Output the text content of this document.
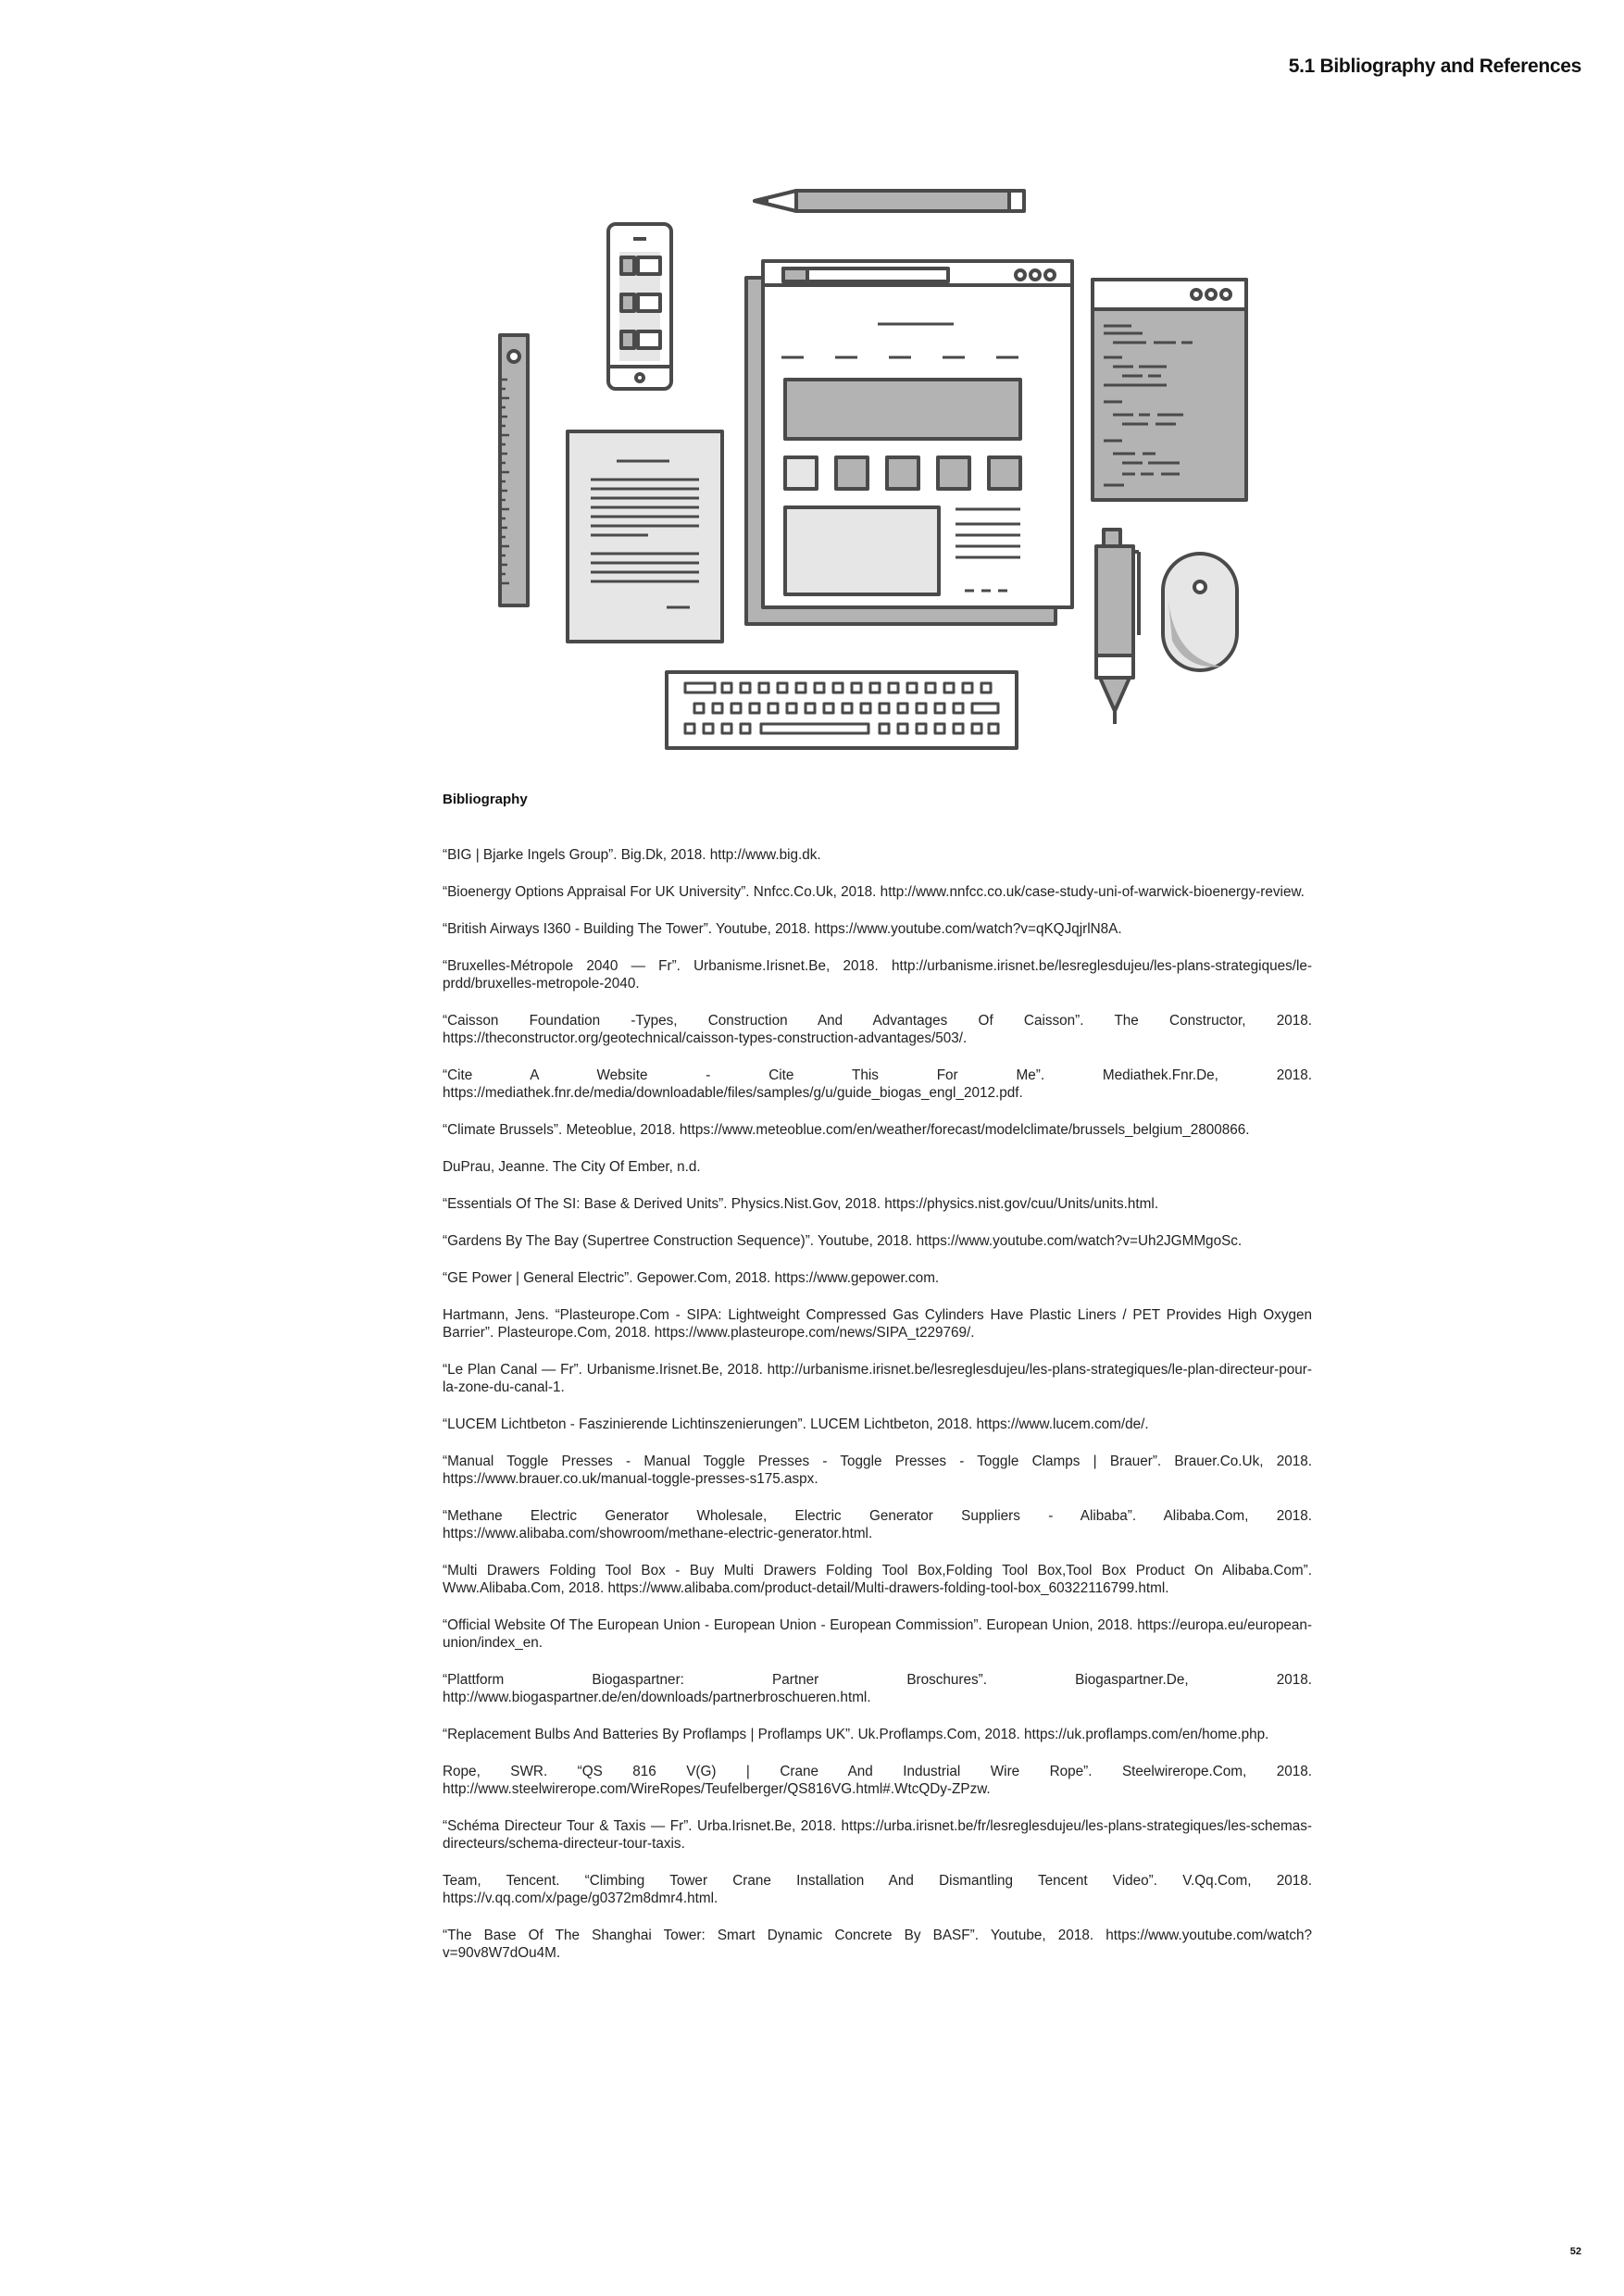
5.1 Bibliography and References
Bibliography
“BIG | Bjarke Ingels Group”. Big.Dk, 2018. http://www.big.dk.
“Bioenergy Options Appraisal For UK University”. Nnfcc.Co.Uk, 2018. http://www.nnfcc.co.uk/case-study-uni-of-warwick-bioenergy-review.
“British Airways I360 - Building The Tower”. Youtube, 2018. https://www.youtube.com/watch?v=qKQJqjrlN8A.
“Bruxelles-Métropole 2040 — Fr”. Urbanisme.Irisnet.Be, 2018. http://urbanisme.irisnet.be/lesreglesdujeu/les-plans-strategiques/le-prdd/bruxelles-metropole-2040.
“Caisson Foundation -Types, Construction And Advantages Of Caisson”. The Constructor, 2018. https://theconstructor.org/geotechnical/caisson-types-construction-advantages/503/.
“Cite A Website - Cite This For Me”. Mediathek.Fnr.De, 2018. https://mediathek.fnr.de/media/downloadable/files/samples/g/u/guide_biogas_engl_2012.pdf.
“Climate Brussels”. Meteoblue, 2018. https://www.meteoblue.com/en/weather/forecast/modelclimate/brussels_belgium_2800866.
DuPrau, Jeanne. The City Of Ember, n.d.
“Essentials Of The SI: Base & Derived Units”. Physics.Nist.Gov, 2018. https://physics.nist.gov/cuu/Units/units.html.
“Gardens By The Bay (Supertree Construction Sequence)”. Youtube, 2018. https://www.youtube.com/watch?v=Uh2JGMMgoSc.
“GE Power | General Electric”. Gepower.Com, 2018. https://www.gepower.com.
Hartmann, Jens. “Plasteurope.Com - SIPA: Lightweight Compressed Gas Cylinders Have Plastic Liners / PET Provides High Oxygen Barrier”. Plasteurope.Com, 2018. https://www.plasteurope.com/news/SIPA_t229769/.
“Le Plan Canal — Fr”. Urbanisme.Irisnet.Be, 2018. http://urbanisme.irisnet.be/lesreglesdujeu/les-plans-strategiques/le-plan-directeur-pour-la-zone-du-canal-1.
“LUCEM Lichtbeton - Faszinierende Lichtinszenierungen”. LUCEM Lichtbeton, 2018. https://www.lucem.com/de/.
“Manual Toggle Presses - Manual Toggle Presses - Toggle Presses - Toggle Clamps | Brauer”. Brauer.Co.Uk, 2018. https://www.brauer.co.uk/manual-toggle-presses-s175.aspx.
“Methane Electric Generator Wholesale, Electric Generator Suppliers - Alibaba”. Alibaba.Com, 2018. https://www.alibaba.com/showroom/methane-electric-generator.html.
“Multi Drawers Folding Tool Box - Buy Multi Drawers Folding Tool Box,Folding Tool Box,Tool Box Product On Alibaba.Com”. Www.Alibaba.Com, 2018. https://www.alibaba.com/product-detail/Multi-drawers-folding-tool-box_60322116799.html.
“Official Website Of The European Union - European Union - European Commission”. European Union, 2018. https://europa.eu/european-union/index_en.
“Plattform Biogaspartner: Partner Broschures”. Biogaspartner.De, 2018. http://www.biogaspartner.de/en/downloads/partnerbroschueren.html.
“Replacement Bulbs And Batteries By Proflamps | Proflamps UK”. Uk.Proflamps.Com, 2018. https://uk.proflamps.com/en/home.php.
Rope, SWR. “QS 816 V(G) | Crane And Industrial Wire Rope”. Steelwirerope.Com, 2018. http://www.steelwirerope.com/WireRopes/Teufelberger/QS816VG.html#.WtcQDy-ZPzw.
“Schéma Directeur Tour & Taxis — Fr”. Urba.Irisnet.Be, 2018. https://urba.irisnet.be/fr/lesreglesdujeu/les-plans-strategiques/les-schemas-directeurs/schema-directeur-tour-taxis.
Team, Tencent. “Climbing Tower Crane Installation And Dismantling Tencent Video”. V.Qq.Com, 2018. https://v.qq.com/x/page/g0372m8dmr4.html.
“The Base Of The Shanghai Tower: Smart Dynamic Concrete By BASF”. Youtube, 2018. https://www.youtube.com/watch?v=90v8W7dOu4M.
52
